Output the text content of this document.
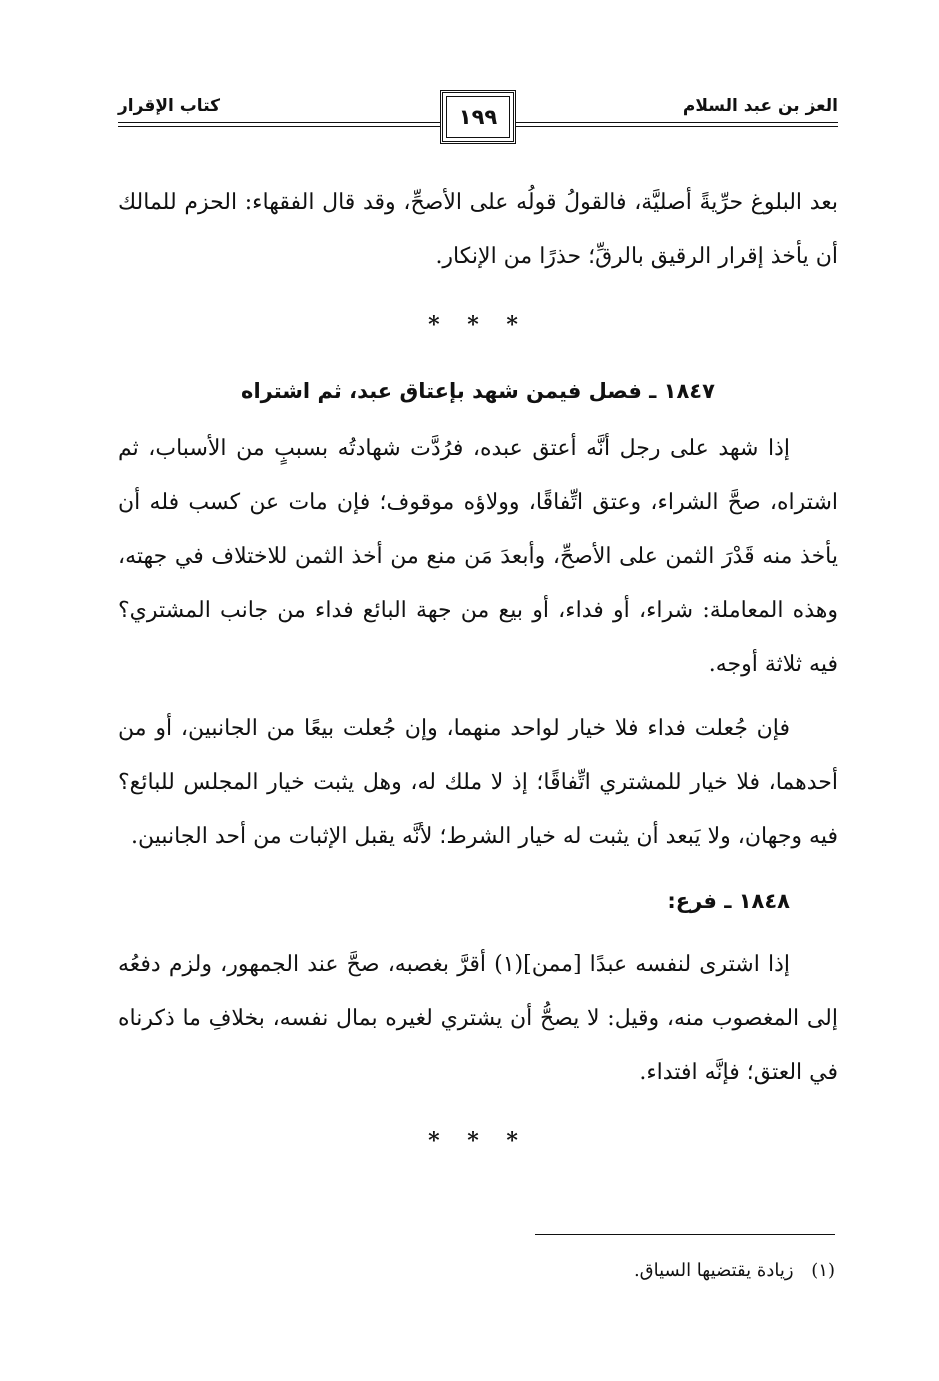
العز بن عبد السلام
كتاب الإقرار	١٩٩

بعد البلوغ حرِّيةً أصليَّة، فالقولُ قولُه على الأصحِّ، وقد قال الفقهاء: الحزم للمالك أن يأخذ إقرار الرقيق بالرقِّ؛ حذرًا من الإنكار.

* * *
١٨٤٧ ـ فصل فيمن شهد بإعتاق عبد، ثم اشتراه

إذا شهد على رجل أنَّه أعتق عبده، فرُدَّت شهادتُه بسببٍ من الأسباب، ثم اشتراه، صحَّ الشراء، وعتق اتِّفاقًا، وولاؤه موقوف؛ فإن مات عن كسب فله أن يأخذ منه قَدْرَ الثمن على الأصحِّ، وأبعدَ مَن منع من أخذ الثمن للاختلاف في جهته، وهذه المعاملة: شراء، أو فداء، أو بيع من جهة البائع فداء من جانب المشتري؟ فيه ثلاثة أوجه.

فإن جُعلت فداء فلا خيار لواحد منهما، وإن جُعلت بيعًا من الجانبين، أو من أحدهما، فلا خيار للمشتري اتِّفاقًا؛ إذ لا ملك له، وهل يثبت خيار المجلس للبائع؟ فيه وجهان، ولا يَبعد أن يثبت له خيار الشرط؛ لأنَّه يقبل الإثبات من أحد الجانبين.

١٨٤٨ ـ فرع:

إذا اشترى لنفسه عبدًا [ممن](١) أقرَّ بغصبه، صحَّ عند الجمهور، ولزم دفعُه إلى المغصوب منه، وقيل: لا يصحُّ أن يشتري لغيره بمال نفسه، بخلافِ ما ذكرناه في العتق؛ فإنَّه افتداء.

* * *
(١) زيادة يقتضيها السياق.
